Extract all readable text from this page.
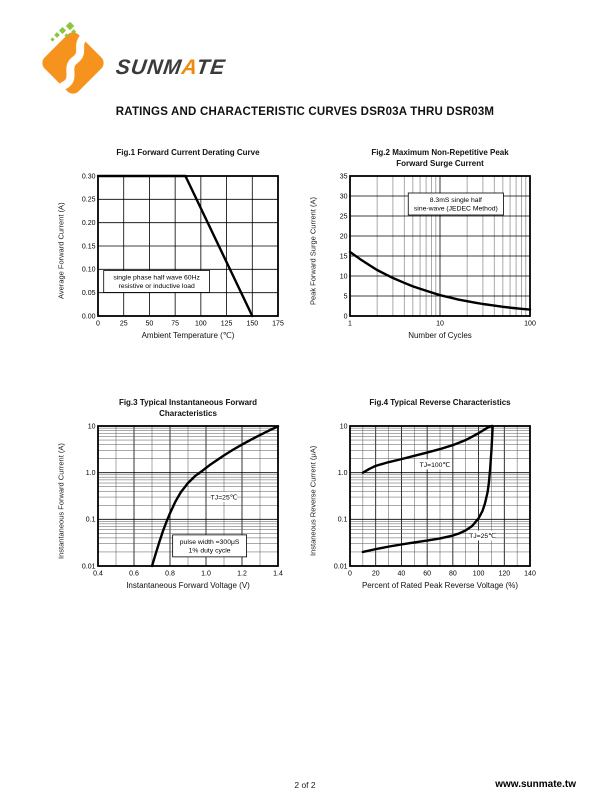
SUNMATE
RATINGS AND CHARACTERISTIC CURVES DSR03A THRU DSR03M
Fig.1 Forward Current Derating Curve
Average Forward Current (A)	single phase half wave 60Hz
resistive or inductive load
0	25	50	75 100 125 150 175
0.00
0.05
0.10
0.15
0.20
0.25
0.30
Ambient Temperature (℃)
Fig.2 Maximum Non-Repetitive Peak
Forward Surge Current
Peak Forward Surge Current (A)	8.3mS single half
sine-wave (JEDEC Method)
1	10	100
0
5
10
15
20
25
30
35
Number of Cycles
Fig.3 Typical Instantaneous Forward
Characteristics
Instantaneous Forward Current (A)	TJ=25℃
pulse width =300μS
1% duty cycle
0.4	0.6	0.8	1.0	1.2	1.4
0.01
0.1
1.0
10
Instantaneous Forward Voltage (V)
Fig.4 Typical Reverse Characteristics
Instaneous Reverse Current (μA)	TJ=100℃
TJ=25℃
0	20	40	60	80 100 120 140
0.01
0.1
1.0
10
Percent of Rated Peak Reverse Voltage (%)
2 of 2	www.sunmate.tw
